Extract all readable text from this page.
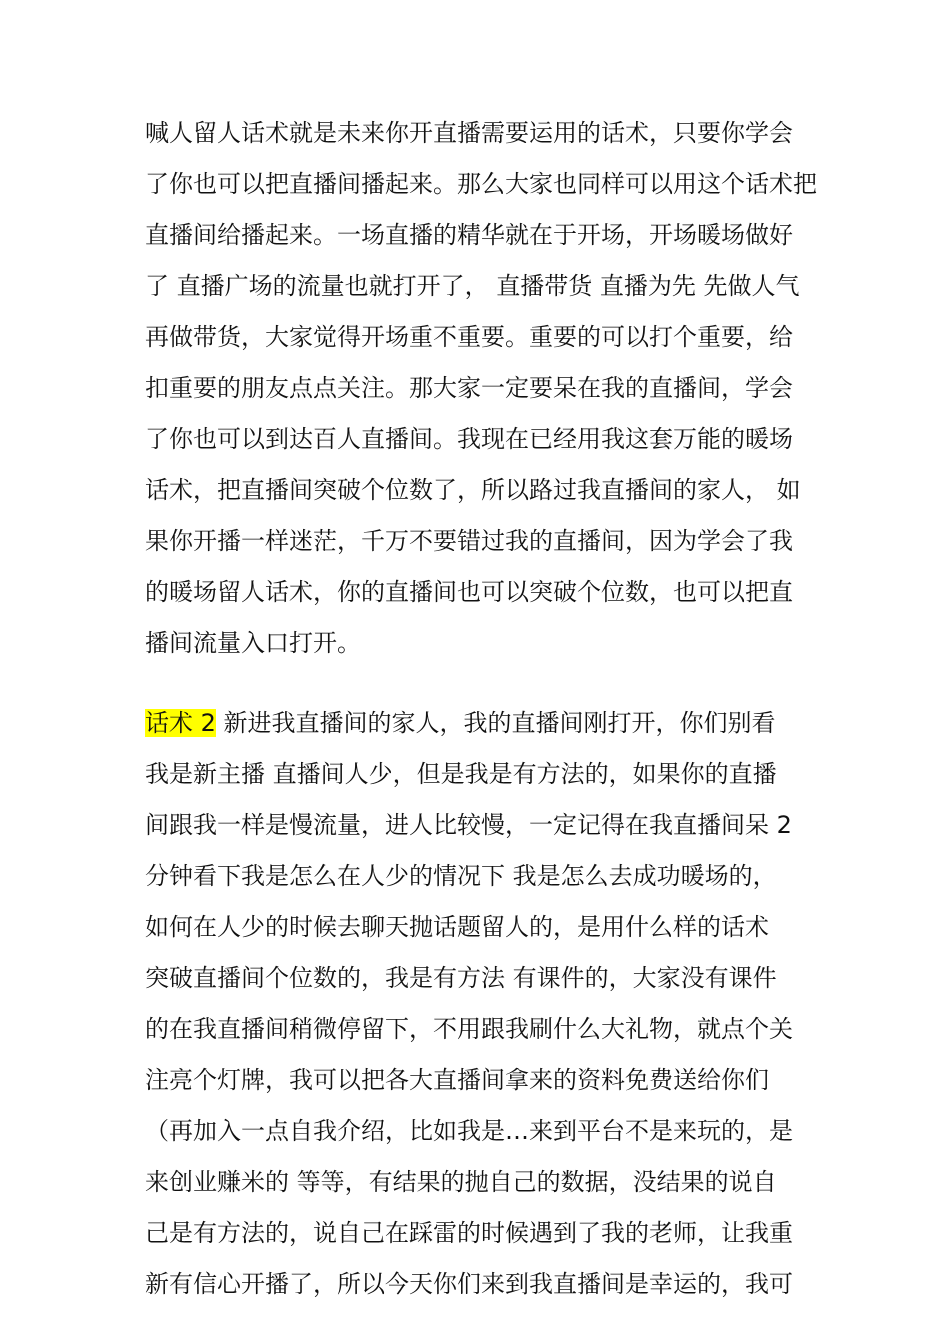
喊人留人话术就是未来你开直播需要运用的话术，只要你学会
了你也可以把直播间播起来。那么大家也同样可以用这个话术把
直播间给播起来。一场直播的精华就在于开场，开场暖场做好
了 直播广场的流量也就打开了， 直播带货 直播为先 先做人气
再做带货，大家觉得开场重不重要。重要的可以打个重要，给
扣重要的朋友点点关注。那大家一定要呆在我的直播间，学会
了你也可以到达百人直播间。我现在已经用我这套万能的暖场
话术，把直播间突破个位数了，所以路过我直播间的家人， 如
果你开播一样迷茫，千万不要错过我的直播间，因为学会了我
的暖场留人话术，你的直播间也可以突破个位数，也可以把直
播间流量入口打开。
话术 2 新进我直播间的家人，我的直播间刚打开，你们别看
我是新主播 直播间人少，但是我是有方法的，如果你的直播
间跟我一样是慢流量，进人比较慢，一定记得在我直播间呆 2
分钟看下我是怎么在人少的情况下 我是怎么去成功暖场的，
如何在人少的时候去聊天抛话题留人的，是用什么样的话术
突破直播间个位数的，我是有方法 有课件的，大家没有课件
的在我直播间稍微停留下，不用跟我刷什么大礼物，就点个关
注亮个灯牌，我可以把各大直播间拿来的资料免费送给你们
（再加入一点自我介绍，比如我是…来到平台不是来玩的，是
来创业赚米的 等等，有结果的抛自己的数据，没结果的说自
己是有方法的，说自己在踩雷的时候遇到了我的老师，让我重
新有信心开播了，所以今天你们来到我直播间是幸运的，我可
